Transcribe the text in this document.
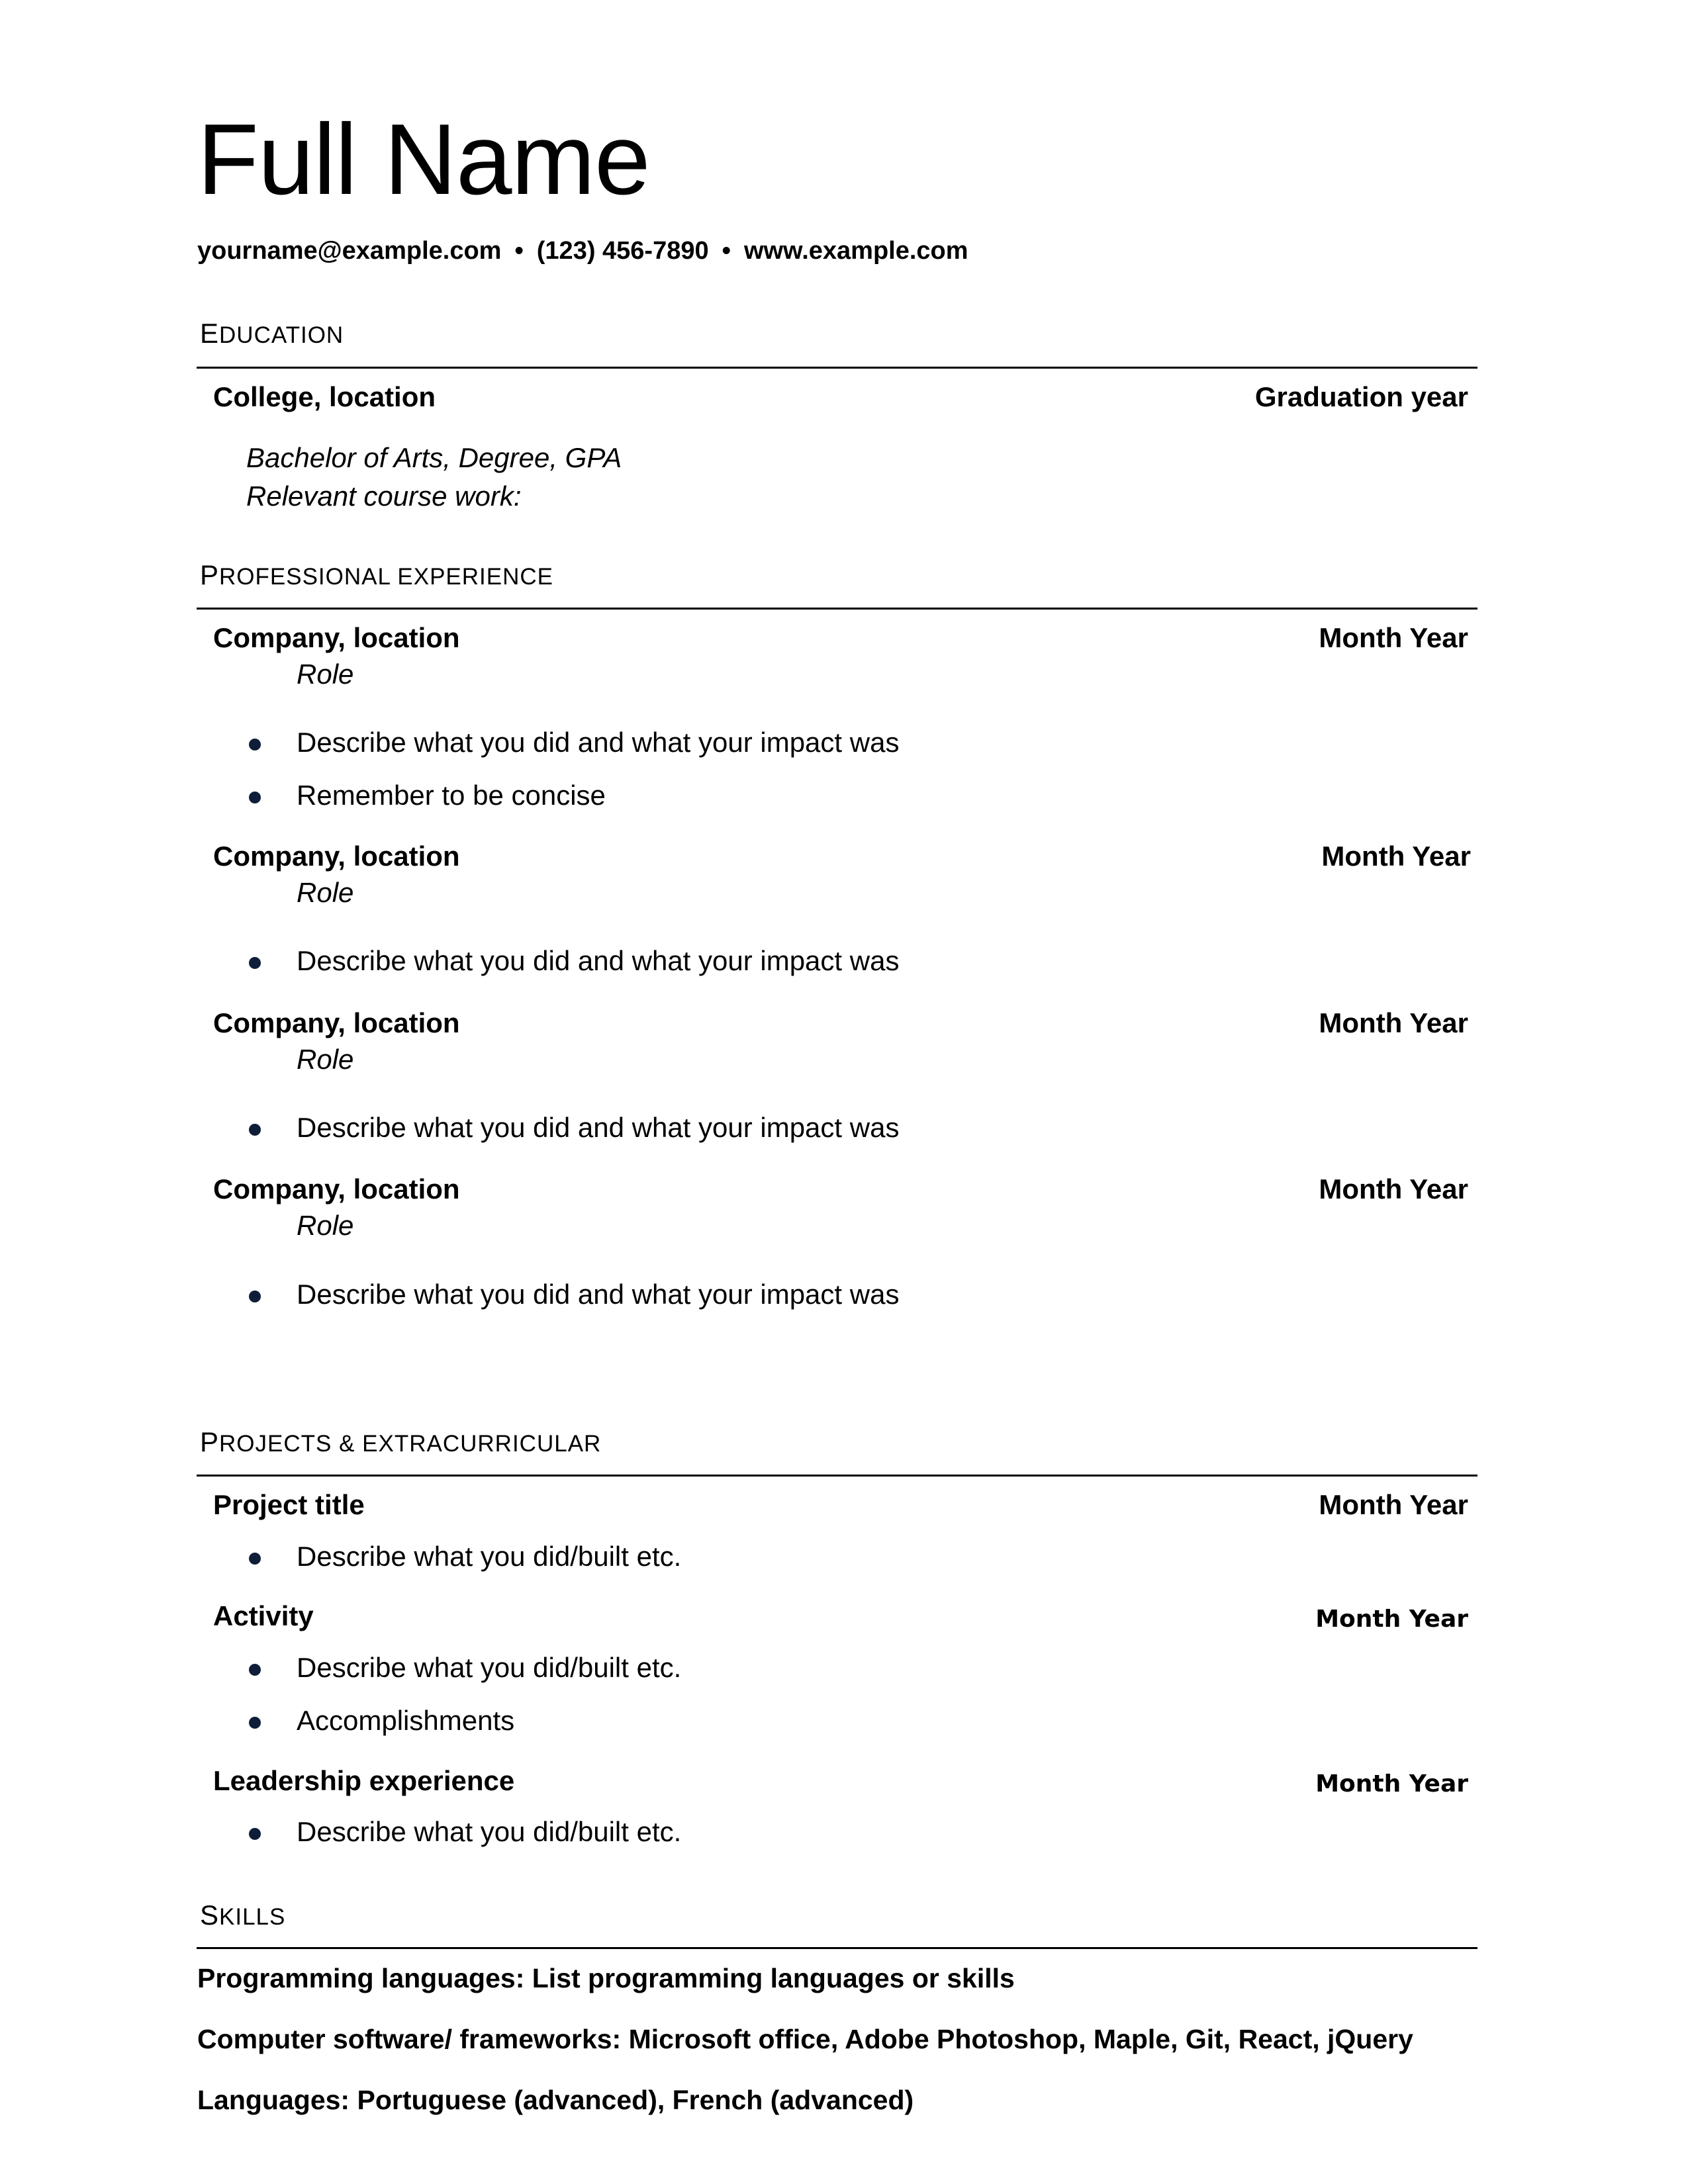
Full Name
yourname@example.com • (123) 456-7890 • www.example.com
EDUCATION
College, location	Graduation year
Bachelor of Arts, Degree, GPA
Relevant course work:
PROFESSIONAL EXPERIENCE
Company, location	Month Year
Role
Describe what you did and what your impact was
Remember to be concise
Company, location	Month Year
Role
Describe what you did and what your impact was
Company, location	Month Year
Role
Describe what you did and what your impact was
Company, location	Month Year
Role
Describe what you did and what your impact was
PROJECTS & EXTRACURRICULAR
Project title	Month Year
Describe what you did/built etc.
Activity	Month Year
Describe what you did/built etc.
Accomplishments
Leadership experience	Month Year
Describe what you did/built etc.
SKILLS
Programming languages: List programming languages or skills
Computer software/ frameworks: Microsoft office, Adobe Photoshop, Maple, Git, React, jQuery
Languages: Portuguese (advanced), French (advanced)
